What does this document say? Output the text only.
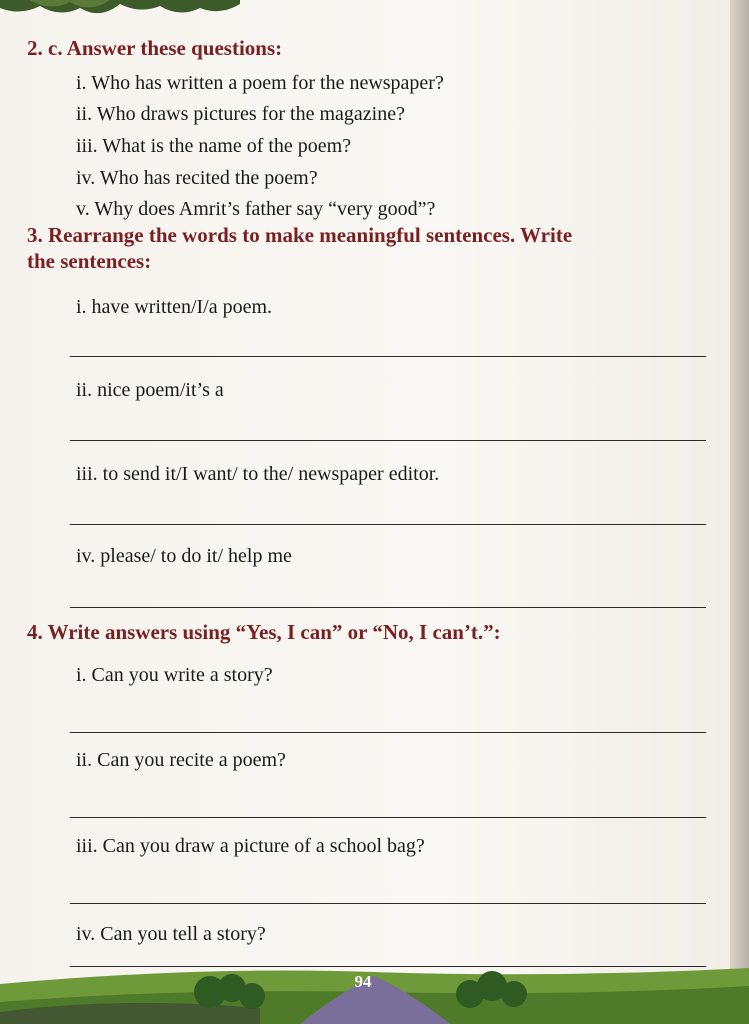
2. c. Answer these questions:
i. Who has written a poem for the newspaper?
ii. Who draws pictures for the magazine?
iii. What is the name of the poem?
iv. Who has recited the poem?
v. Why does Amrit’s father say “very good”?
3. Rearrange the words to make meaningful sentences. Write
the sentences:
i. have written/I/a poem.
ii. nice poem/it’s a
iii. to send it/I want/ to the/ newspaper editor.
iv. please/ to do it/ help me
4. Write answers using “Yes, I can” or “No, I can’t.”:
i. Can you write a story?
ii. Can you recite a poem?
iii. Can you draw a picture of a school bag?
iv. Can you tell a story?
94
